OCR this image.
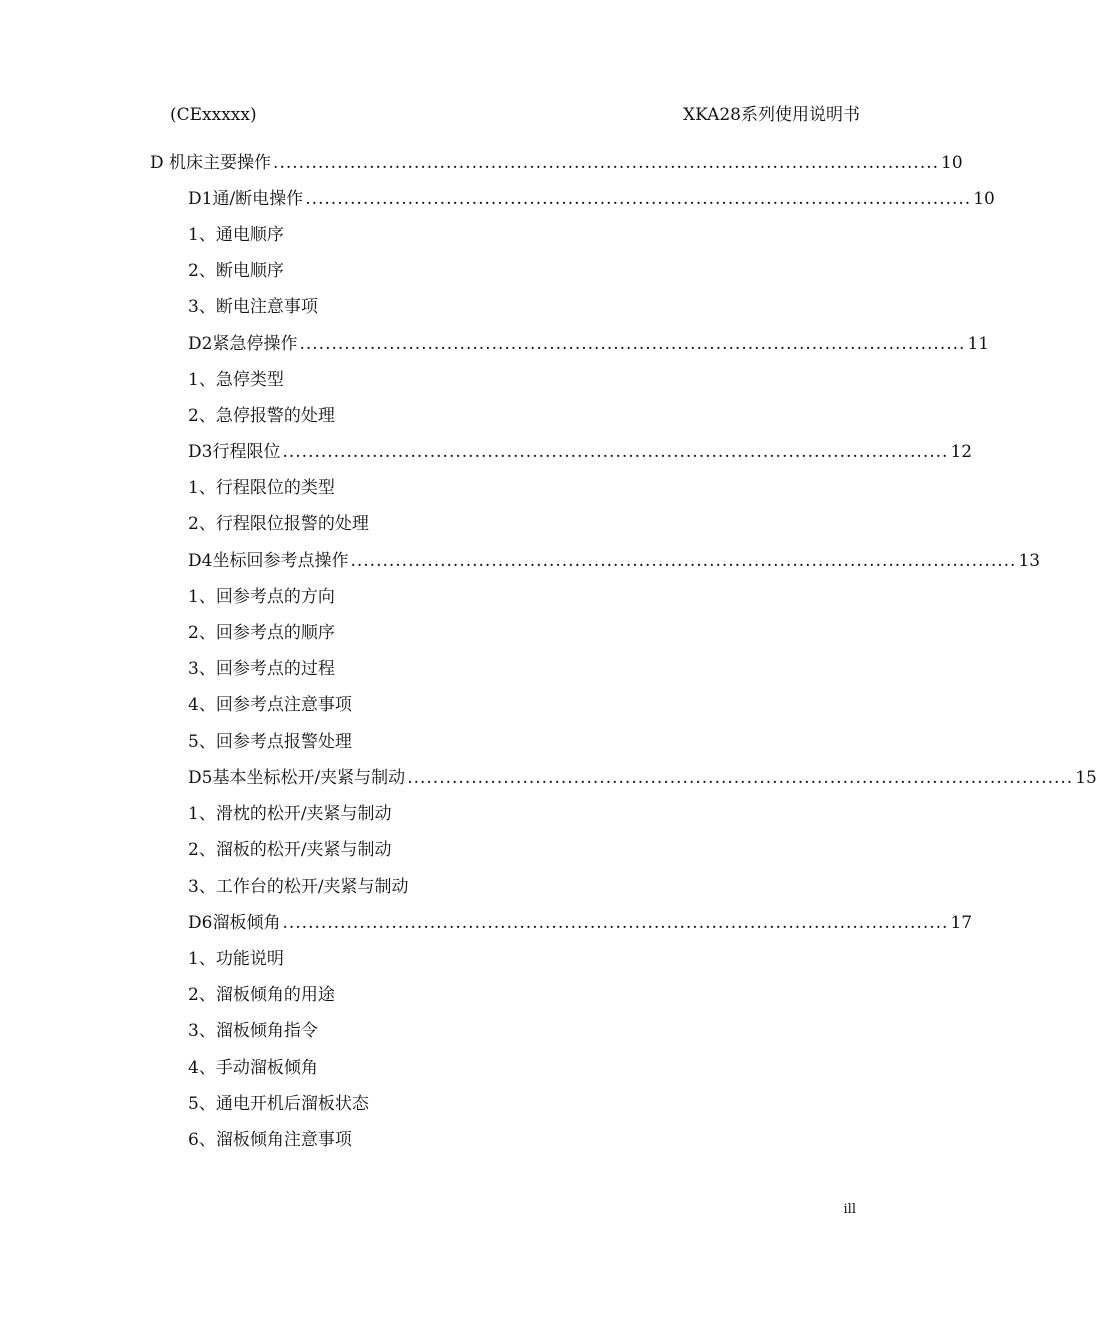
(CExxxxx)	XKA28系列使用说明书
D 机床主要操作 ........................................................................................................ 10
D1通/断电操作 ........................................................................................................ 10
1、通电顺序
2、断电顺序
3、断电注意事项
D2紧急停操作 ........................................................................................................ 11
1、急停类型
2、急停报警的处理
D3行程限位 ........................................................................................................ 12
1、行程限位的类型
2、行程限位报警的处理
D4坐标回参考点操作 ........................................................................................................ 13
1、回参考点的方向
2、回参考点的顺序
3、回参考点的过程
4、回参考点注意事项
5、回参考点报警处理
D5基本坐标松开/夹紧与制动 ........................................................................................................ 15
1、滑枕的松开/夹紧与制动
2、溜板的松开/夹紧与制动
3、工作台的松开/夹紧与制动
D6溜板倾角 ........................................................................................................ 17
1、功能说明
2、溜板倾角的用途
3、溜板倾角指令
4、手动溜板倾角
5、通电开机后溜板状态
6、溜板倾角注意事项
ill
